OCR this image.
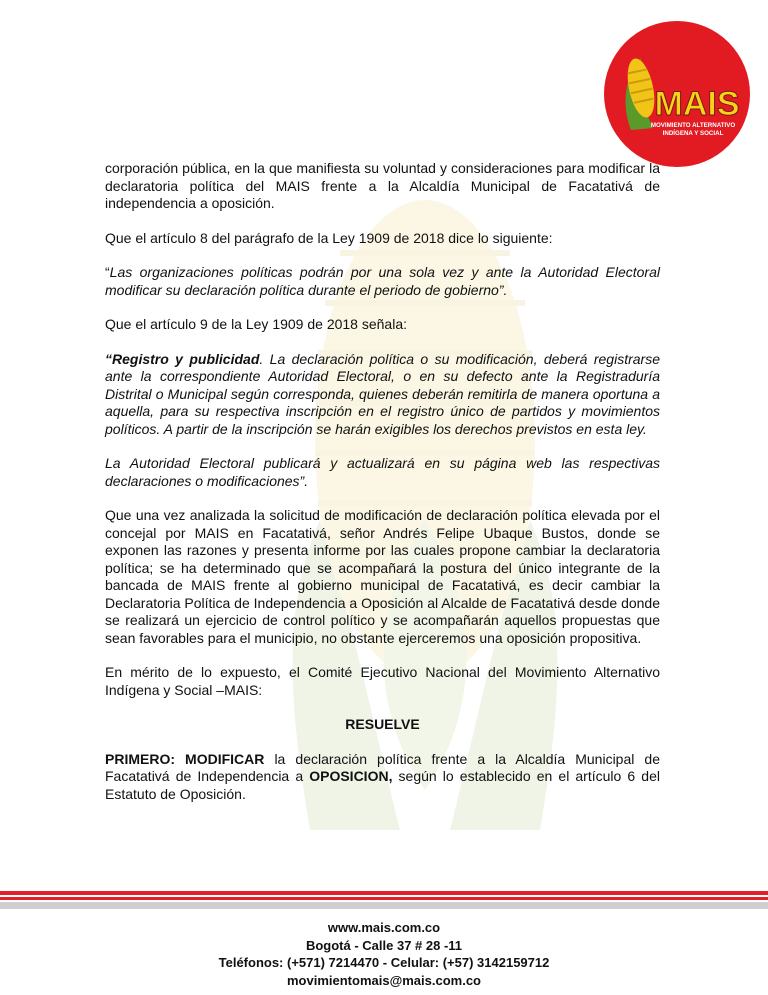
MAIS
MOVIMIENTO ALTERNATIVO
INDÍGENA Y SOCIAL

corporación pública, en la que manifiesta su voluntad y consideraciones para modificar la declaratoria política del MAIS frente a la Alcaldía Municipal de Facatativá de independencia a oposición.

Que el artículo 8 del parágrafo de la Ley 1909 de 2018 dice lo siguiente:

“Las organizaciones políticas podrán por una sola vez y ante la Autoridad Electoral modificar su declaración política durante el periodo de gobierno”.

Que el artículo 9 de la Ley 1909 de 2018 señala:

“Registro y publicidad. La declaración política o su modificación, deberá registrarse ante la correspondiente Autoridad Electoral, o en su defecto ante la Registraduría Distrital o Municipal según corresponda, quienes deberán remitirla de manera oportuna a aquella, para su respectiva inscripción en el registro único de partidos y movimientos políticos. A partir de la inscripción se harán exigibles los derechos previstos en esta ley.

La Autoridad Electoral publicará y actualizará en su página web las respectivas declaraciones o modificaciones”.

Que una vez analizada la solicitud de modificación de declaración política elevada por el concejal por MAIS en Facatativá, señor Andrés Felipe Ubaque Bustos, donde se exponen las razones y presenta informe por las cuales propone cambiar la declaratoria política; se ha determinado que se acompañará la postura del único integrante de la bancada de MAIS frente al gobierno municipal de Facatativá, es decir cambiar la Declaratoria Política de Independencia a Oposición al Alcalde de Facatativá desde donde se realizará un ejercicio de control político y se acompañarán aquellos propuestas que sean favorables para el municipio, no obstante ejerceremos una oposición propositiva.

En mérito de lo expuesto, el Comité Ejecutivo Nacional del Movimiento Alternativo Indígena y Social –MAIS:

RESUELVE

PRIMERO: MODIFICAR la declaración política frente a la Alcaldía Municipal de Facatativá de Independencia a OPOSICION, según lo establecido en el artículo 6 del Estatuto de Oposición.

www.mais.com.co
Bogotá - Calle 37 # 28 -11
Teléfonos: (+571) 7214470 - Celular: (+57) 3142159712
movimientomais@mais.com.co
